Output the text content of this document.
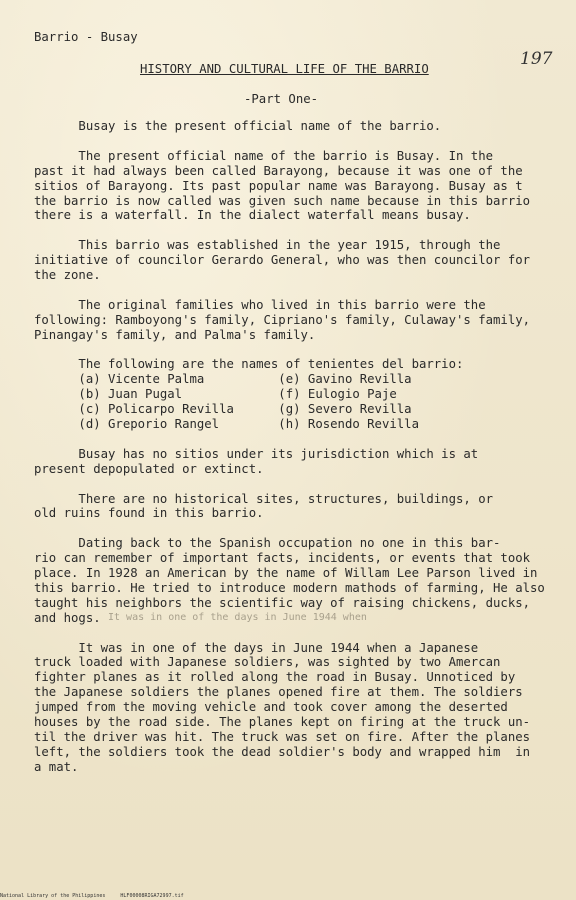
Barrio - Busay
HISTORY AND CULTURAL LIFE OF THE BARRIO	197
-Part One-
Busay is the present official name of the barrio.
The present official name of the barrio is Busay. In the
past it had always been called Barayong, because it was one of the
sitios of Barayong. Its past popular name was Barayong. Busay as t
the barrio is now called was given such name because in this barrio
there is a waterfall. In the dialect waterfall means busay.
This barrio was established in the year 1915, through the
initiative of councilor Gerardo General, who was then councilor for
the zone.
The original families who lived in this barrio were the
following: Ramboyong's family, Cipriano's family, Culaway's family,
Pinangay's family, and Palma's family.
The following are the names of tenientes del barrio:
(a) Vicente Palma          (e) Gavino Revilla
(b) Juan Pugal             (f) Eulogio Paje
(c) Policarpo Revilla      (g) Severo Revilla
(d) Greporio Rangel        (h) Rosendo Revilla
Busay has no sitios under its jurisdiction which is at
present depopulated or extinct.
There are no historical sites, structures, buildings, or
old ruins found in this barrio.
Dating back to the Spanish occupation no one in this bar-
rio can remember of important facts, incidents, or events that took
place. In 1928 an American by the name of Willam Lee Parson lived in
this barrio. He tried to introduce modern mathods of farming, He also
taught his neighbors the scientific way of raising chickens, ducks,
and hogs.
It was in one of the days in June 1944 when a Japanese
truck loaded with Japanese soldiers, was sighted by two Amercan
fighter planes as it rolled along the road in Busay. Unnoticed by
the Japanese soldiers the planes opened fire at them. The soldiers
jumped from the moving vehicle and took cover among the deserted
houses by the road side. The planes kept on firing at the truck un-
til the driver was hit. The truck was set on fire. After the planes
left, the soldiers took the dead soldier's body and wrapped him  in
a mat.
It was in one of the days in June 1944 when
National Library of the Philippines     HLF00008RIGA72997.tif
